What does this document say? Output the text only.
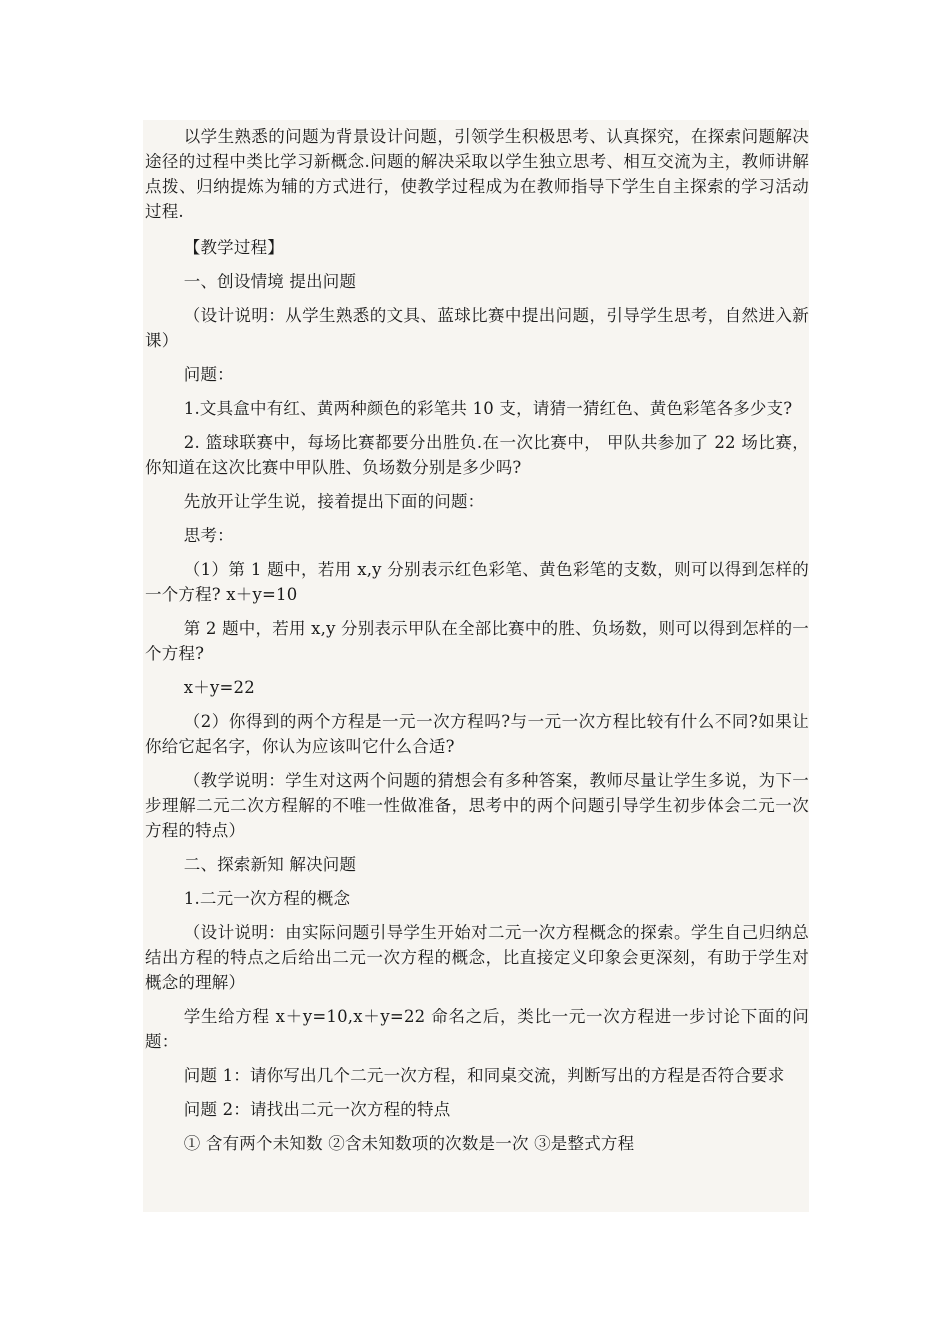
以学生熟悉的问题为背景设计问题，引领学生积极思考、认真探究，在探索问题解决途径的过程中类比学习新概念.问题的解决采取以学生独立思考、相互交流为主，教师讲解点拨、归纳提炼为辅的方式进行，使教学过程成为在教师指导下学生自主探索的学习活动过程.

【教学过程】

一、创设情境 提出问题

（设计说明：从学生熟悉的文具、蓝球比赛中提出问题，引导学生思考，自然进入新课）

问题：

1.文具盒中有红、黄两种颜色的彩笔共 10 支，请猜一猜红色、黄色彩笔各多少支?

2. 篮球联赛中，每场比赛都要分出胜负.在一次比赛中， 甲队共参加了 22 场比赛，你知道在这次比赛中甲队胜、负场数分别是多少吗?

先放开让学生说，接着提出下面的问题：

思考：

（1）第 1 题中，若用 x,y 分别表示红色彩笔、黄色彩笔的支数，则可以得到怎样的一个方程? x＋y=10

第 2 题中，若用 x,y 分别表示甲队在全部比赛中的胜、负场数，则可以得到怎样的一个方程?

x＋y=22

（2）你得到的两个方程是一元一次方程吗?与一元一次方程比较有什么不同?如果让你给它起名字，你认为应该叫它什么合适?

（教学说明：学生对这两个问题的猜想会有多种答案，教师尽量让学生多说，为下一步理解二元二次方程解的不唯一性做准备，思考中的两个问题引导学生初步体会二元一次方程的特点）

二、探索新知 解决问题

1.二元一次方程的概念

（设计说明：由实际问题引导学生开始对二元一次方程概念的探索。学生自己归纳总结出方程的特点之后给出二元一次方程的概念，比直接定义印象会更深刻，有助于学生对概念的理解）

学生给方程 x＋y=10,x＋y=22 命名之后，类比一元一次方程进一步讨论下面的问题：

问题 1：请你写出几个二元一次方程，和同桌交流，判断写出的方程是否符合要求

问题 2：请找出二元一次方程的特点

① 含有两个未知数 ②含未知数项的次数是一次 ③是整式方程
